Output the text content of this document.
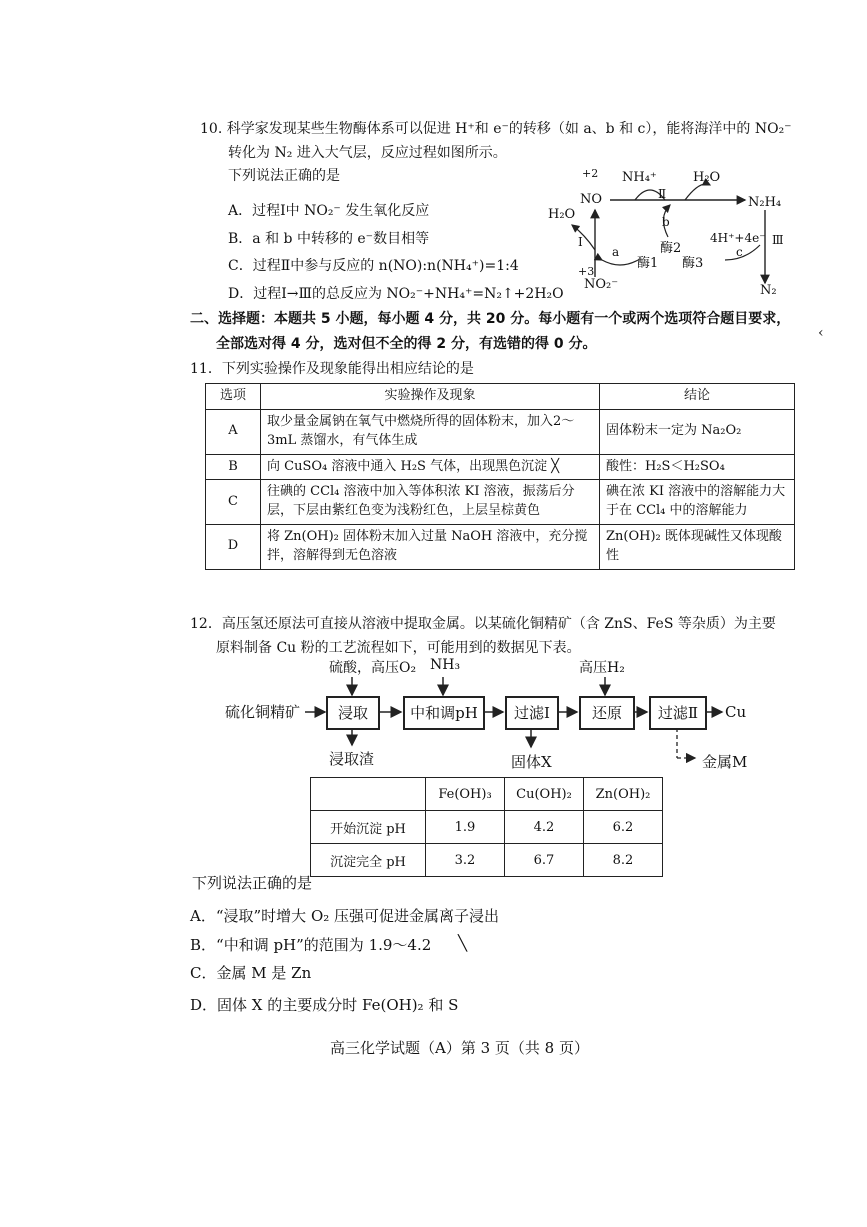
10. 科学家发现某些生物酶体系可以促进 H⁺和 e⁻的转移（如 a、b 和 c），能将海洋中的 NO₂⁻
转化为 N₂ 进入大气层，反应过程如图所示。
下列说法正确的是
A．过程Ⅰ中 NO₂⁻ 发生氧化反应
B．a 和 b 中转移的 e⁻数目相等
C．过程Ⅱ中参与反应的 n(NO):n(NH₄⁺)=1:4
D．过程Ⅰ→Ⅲ的总反应为 NO₂⁻+NH₄⁺=N₂↑+2H₂O
+2 NH₄⁺	H₂O
Ⅱ
NO	N₂H₄
H₂O	b
Ⅰ	酶2
4H⁺+4e⁻ Ⅲ
a	c
酶1 酶3
+3
NO₂⁻	N₂
二、选择题：本题共 5 小题，每小题 4 分，共 20 分。每小题有一个或两个选项符合题目要求，
全部选对得 4 分，选对但不全的得 2 分，有选错的得 0 分。
‹
11．下列实验操作及现象能得出相应结论的是
选项	实验操作及现象	结论
A	取少量金属钠在氧气中燃烧所得的固体粉末，加入2～3mL 蒸馏水，有气体生成	固体粉末一定为 Na₂O₂
B	向 CuSO₄ 溶液中通入 H₂S 气体，出现黑色沉淀 ╳	酸性：H₂S＜H₂SO₄
C	往碘的 CCl₄ 溶液中加入等体积浓 KI 溶液，振荡后分层，下层由紫红色变为浅粉红色，上层呈棕黄色	碘在浓 KI 溶液中的溶解能力大于在 CCl₄ 中的溶解能力
D	将 Zn(OH)₂ 固体粉末加入过量 NaOH 溶液中，充分搅拌，溶解得到无色溶液	Zn(OH)₂ 既体现碱性又体现酸性
12．高压氢还原法可直接从溶液中提取金属。以某硫化铜精矿（含 ZnS、FeS 等杂质）为主要
原料制备 Cu 粉的工艺流程如下，可能用到的数据见下表。
硫酸，高压O₂ NH₃	高压H₂
硫化铜精矿	浸取	中和调pH	过滤Ⅰ	还原	过滤Ⅱ	Cu
浸取渣	固体X	金属M
	Fe(OH)₃	Cu(OH)₂	Zn(OH)₂
开始沉淀 pH	1.9	4.2	6.2
沉淀完全 pH	3.2	6.7	8.2
下列说法正确的是
A．“浸取”时增大 O₂ 压强可促进金属离子浸出
B．“中和调 pH”的范围为 1.9～4.2 ╲
C．金属 M 是 Zn
D．固体 X 的主要成分时 Fe(OH)₂ 和 S
高三化学试题（A）第 3 页（共 8 页）
